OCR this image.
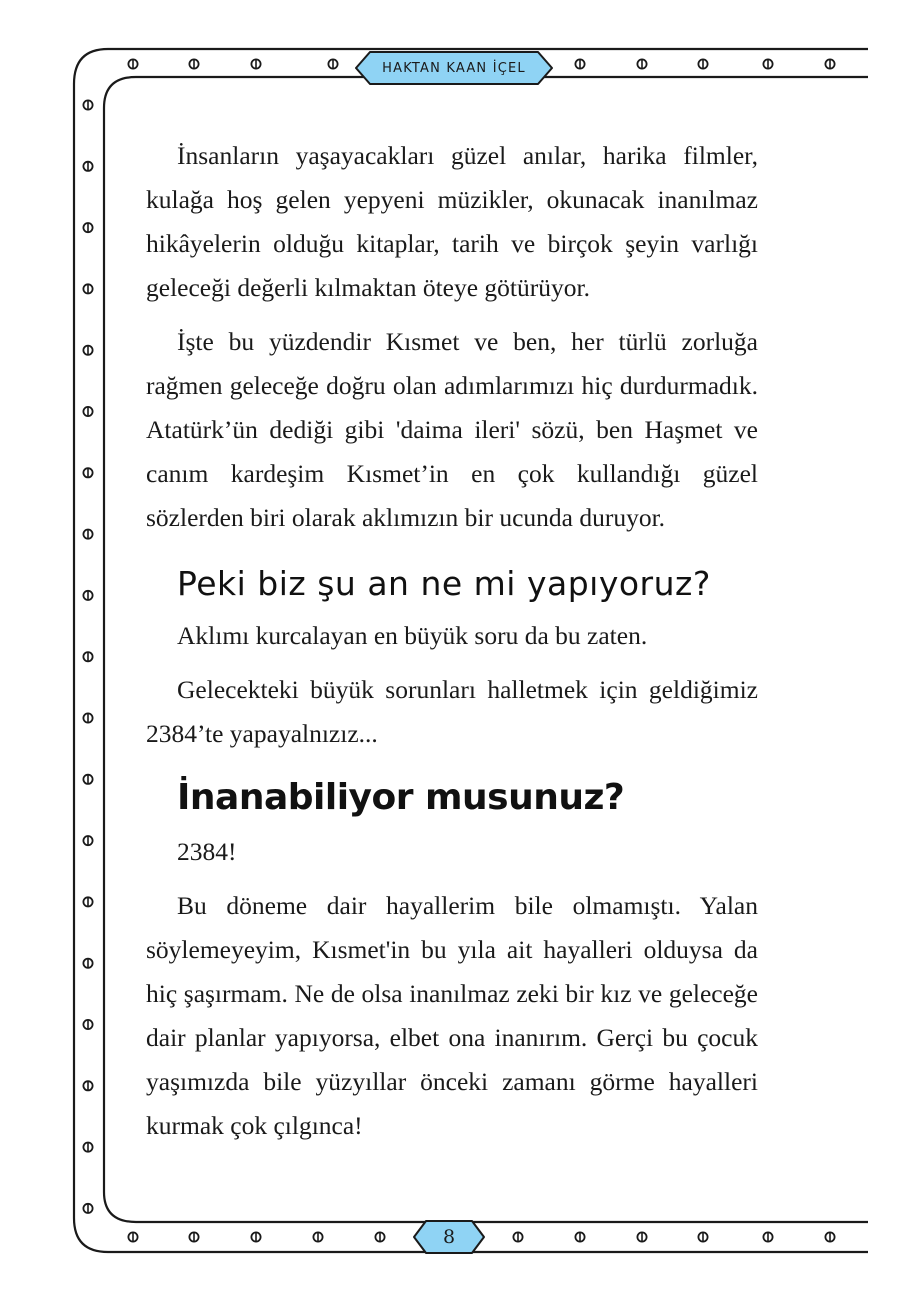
HAKTAN KAAN İÇEL
8

İnsanların yaşayacakları güzel anılar, harika filmler, kulağa hoş gelen yepyeni müzikler, okunacak inanılmaz hikâyelerin olduğu kitaplar, tarih ve birçok şeyin varlığı geleceği değerli kılmaktan öteye götürüyor.

İşte bu yüzdendir Kısmet ve ben, her türlü zorluğa rağmen geleceğe doğru olan adımlarımızı hiç durdurmadık. Atatürk’ün dediği gibi 'daima ileri' sözü, ben Haşmet ve canım kardeşim Kısmet’in en çok kullandığı güzel sözlerden biri olarak aklımızın bir ucunda duruyor.

Peki biz şu an ne mi yapıyoruz?

Aklımı kurcalayan en büyük soru da bu zaten.

Gelecekteki büyük sorunları halletmek için geldiğimiz 2384’te yapayalnızız...

İnanabiliyor musunuz?

2384!

Bu döneme dair hayallerim bile olmamıştı. Yalan söylemeyeyim, Kısmet'in bu yıla ait hayalleri olduysa da hiç şaşırmam. Ne de olsa inanılmaz zeki bir kız ve geleceğe dair planlar yapıyorsa, elbet ona inanırım. Gerçi bu çocuk yaşımızda bile yüzyıllar önceki zamanı görme hayalleri kurmak çok çılgınca!
